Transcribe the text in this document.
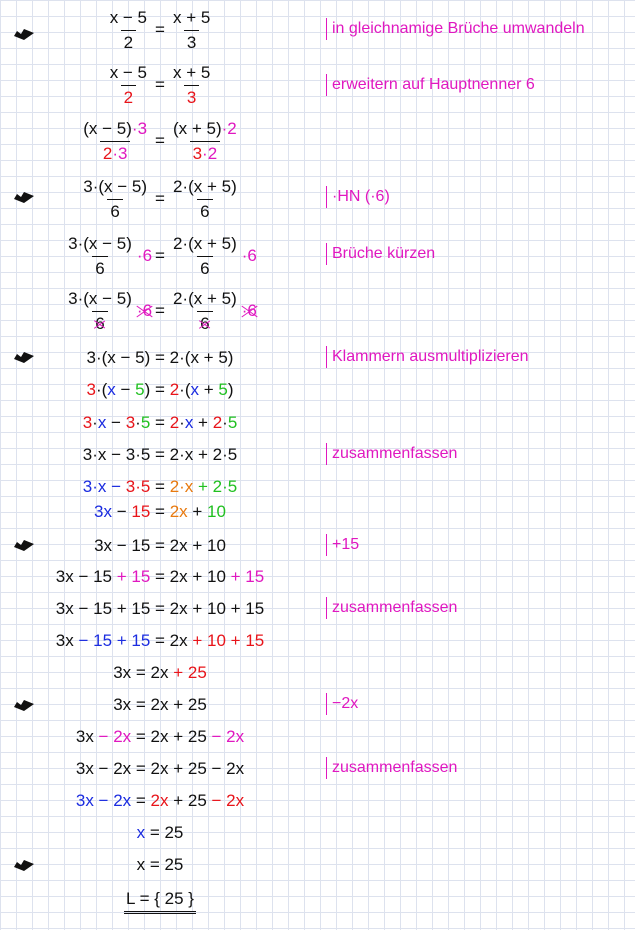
in gleichnamige Brüche umwandeln
erweitern auf Hauptnenner 6
·HN (·6)
Brüche kürzen
Klammern ausmultiplizieren
zusammenfassen
+15
zusammenfassen
−2x
zusammenfassen
$\frac{x - 5}{2} = \frac{x + 5}{3}$
$\frac{x - 5}{2} = \frac{x + 5}{3}$
$\frac{(x - 5)\cdot 3}{2\cdot 3} = \frac{(x + 5)\cdot 2}{3\cdot 2}$
$\frac{3\cdot(x - 5)}{6} = \frac{2\cdot(x + 5)}{6}$
$\frac{3\cdot(x - 5)}{6} \cdot 6 = \frac{2\cdot(x + 5)}{6} \cdot 6$
$\frac{3\cdot(x - 5)}{6} \cdot 6 = \frac{2\cdot(x + 5)}{6} \cdot 6$
3·(x − 5) = 2·(x + 5)
3 ·( x − 5 ) = 2 ·( x + 5 )
3 · x − 3 · 5 = 2 · x + 2 · 5
3·x − 3·5 = 2·x + 2·5
3·x − 3·5 = 2·x + 2·5
3x − 15 = 2x + 10
3x − 15 = 2x + 10
3x − 15 + 15 = 2x + 10 + 15
3x − 15 + 15 = 2x + 10 + 15
3x − 15 + 15 = 2x + 10 + 15
3x = 2x + 25
3x = 2x + 25
3x − 2x = 2x + 25 − 2x
3x − 2x = 2x + 25 − 2x
3x − 2x = 2x + 25 − 2x
x = 25
x = 25
L = { 25 }
